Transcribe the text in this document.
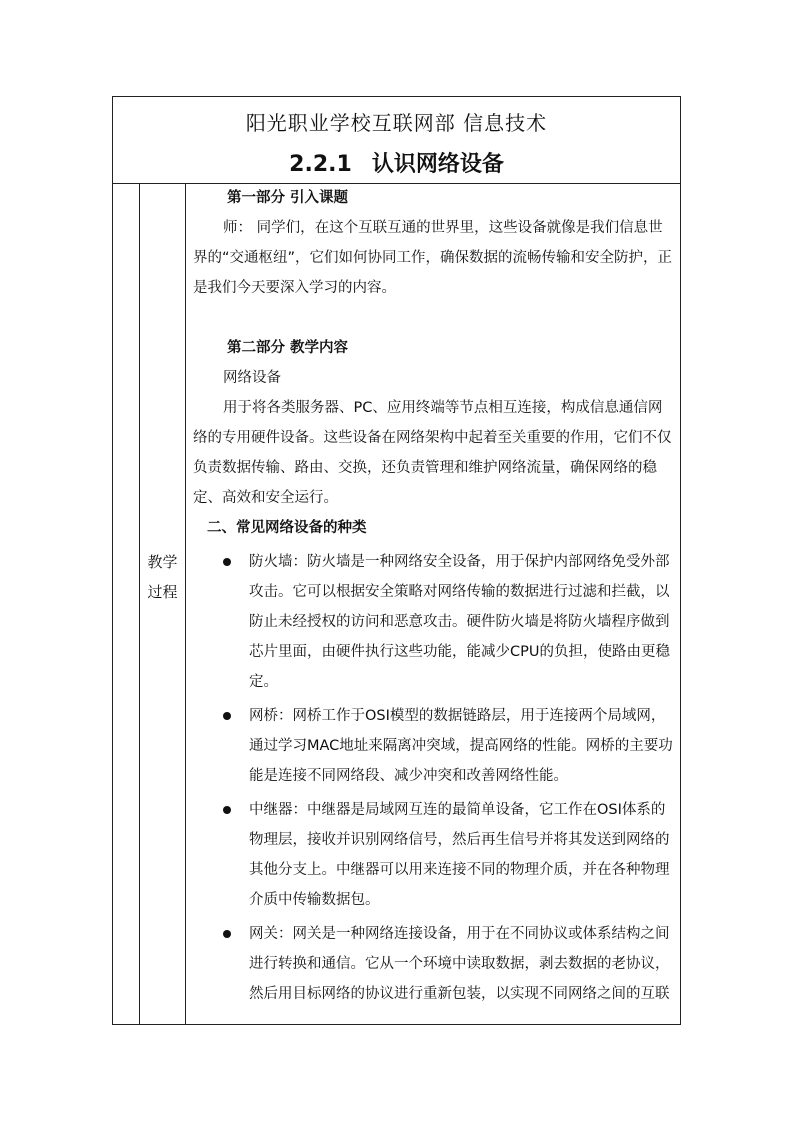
阳光职业学校互联网部 信息技术
2.2.1 认识网络设备
教学
过程

第一部分 引入课题

师： 同学们，在这个互联互通的世界里，这些设备就像是我们信息世界的“交通枢纽”，它们如何协同工作，确保数据的流畅传输和安全防护，正是我们今天要深入学习的内容。

第二部分 教学内容

网络设备

用于将各类服务器、PC、应用终端等节点相互连接，构成信息通信网络的专用硬件设备。这些设备在网络架构中起着至关重要的作用，它们不仅负责数据传输、路由、交换，还负责管理和维护网络流量，确保网络的稳定、高效和安全运行。

二、常见网络设备的种类

防火墙：防火墙是一种网络安全设备，用于保护内部网络免受外部攻击。它可以根据安全策略对网络传输的数据进行过滤和拦截，以防止未经授权的访问和恶意攻击。硬件防火墙是将防火墙程序做到芯片里面，由硬件执行这些功能，能减少CPU的负担，使路由更稳定。
网桥：网桥工作于OSI模型的数据链路层，用于连接两个局域网，通过学习MAC地址来隔离冲突域，提高网络的性能。网桥的主要功能是连接不同网络段、减少冲突和改善网络性能。
中继器：中继器是局域网互连的最简单设备，它工作在OSI体系的物理层，接收并识别网络信号，然后再生信号并将其发送到网络的其他分支上。中继器可以用来连接不同的物理介质，并在各种物理介质中传输数据包。
网关：网关是一种网络连接设备，用于在不同协议或体系结构之间进行转换和通信。它从一个环境中读取数据，剥去数据的老协议，然后用目标网络的协议进行重新包装，以实现不同网络之间的互联
